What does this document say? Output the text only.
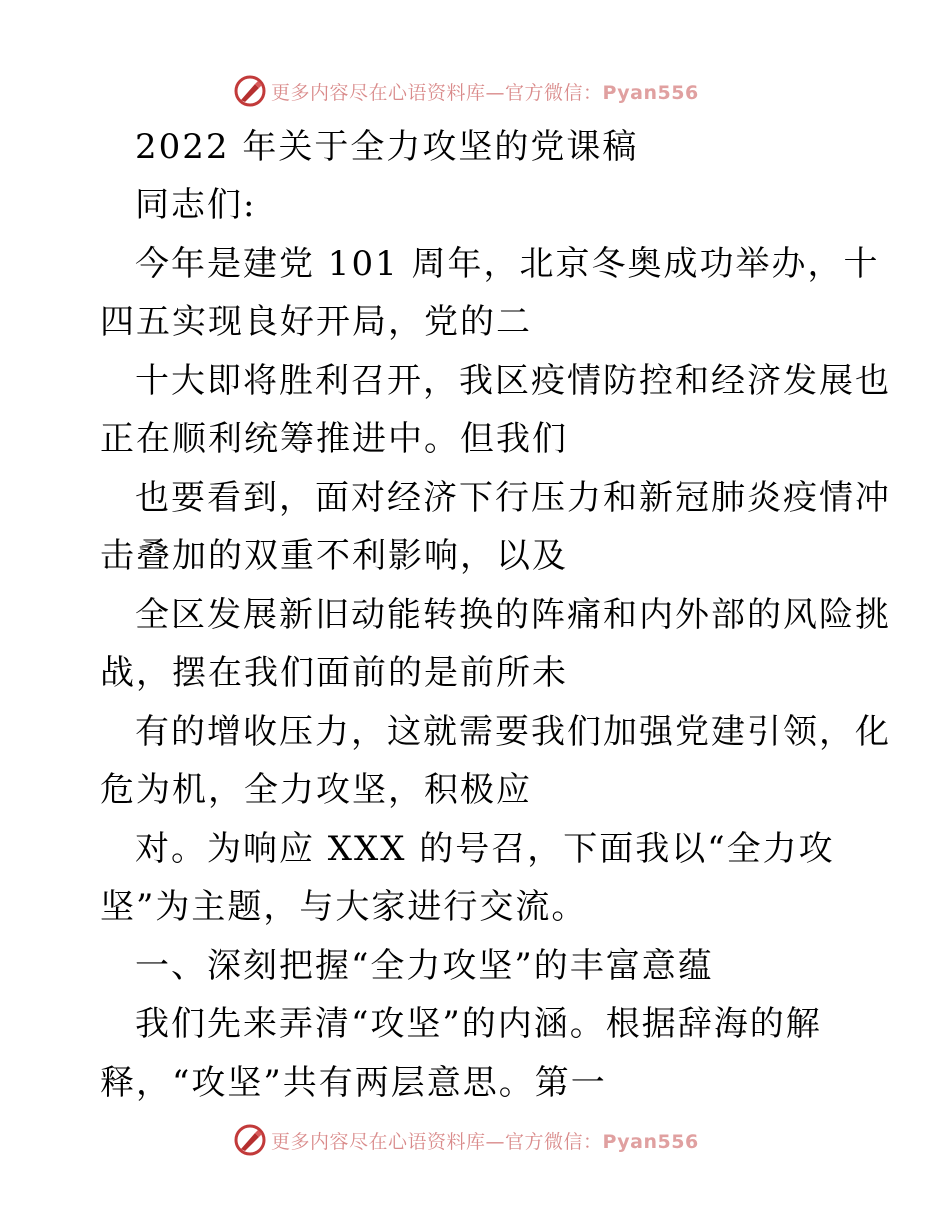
更多内容尽在心语资料库—官方微信：Pyan556
2022 年关于全力攻坚的党课稿
同志们:
今年是建党 101 周年，北京冬奥成功举办，十
四五实现良好开局，党的二
十大即将胜利召开，我区疫情防控和经济发展也
正在顺利统筹推进中。但我们
也要看到，面对经济下行压力和新冠肺炎疫情冲
击叠加的双重不利影响，以及
全区发展新旧动能转换的阵痛和内外部的风险挑
战，摆在我们面前的是前所未
有的增收压力，这就需要我们加强党建引领，化
危为机，全力攻坚，积极应
对。为响应 XXX 的号召，下面我以“全力攻
坚”为主题，与大家进行交流。
一、深刻把握“全力攻坚”的丰富意蕴
我们先来弄清“攻坚”的内涵。根据辞海的解
释，“攻坚”共有两层意思。第一
更多内容尽在心语资料库—官方微信：Pyan556
